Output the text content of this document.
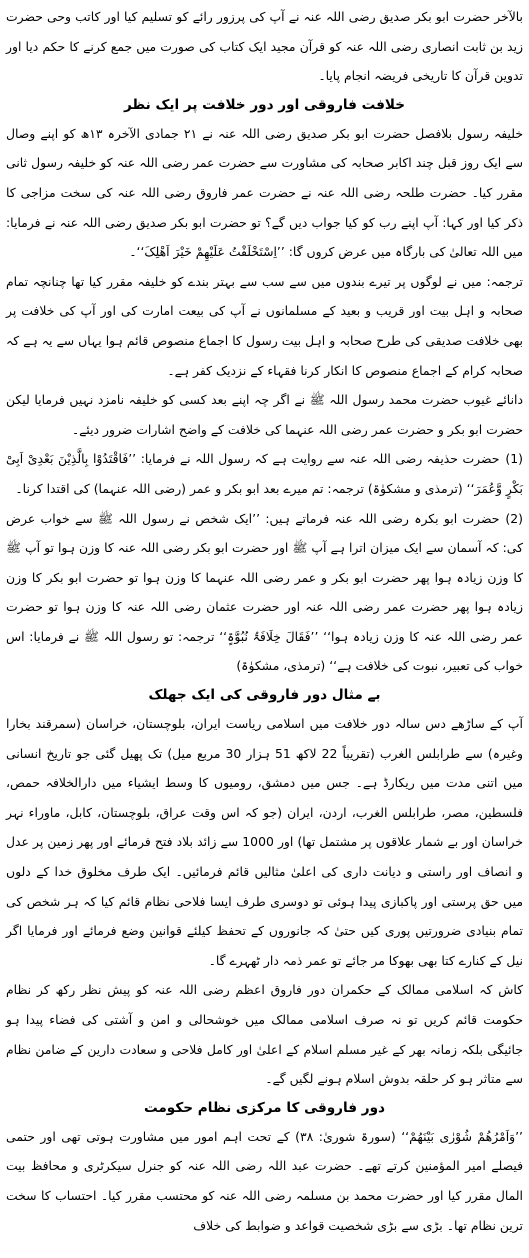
بالآخر حضرت ابو بکر صدیق رضی اللہ عنہ نے آپ کی پرزور رائے کو تسلیم کیا اور کاتب وحی حضرت زید بن ثابت انصاری رضی اللہ عنہ کو قرآن مجید ایک کتاب کی صورت میں جمع کرنے کا حکم دیا اور تدوین قرآن کا تاریخی فریضہ انجام پایا۔

خلافت فاروقی اور دور خلافت پر ایک نظر

خلیفہ رسول بلافصل حضرت ابو بکر صدیق رضی اللہ عنہ نے ۲۱ جمادی الآخرہ ۱۳ھ کو اپنے وصال سے ایک روز قبل چند اکابر صحابہ کی مشاورت سے حضرت عمر رضی اللہ عنہ کو خلیفہ رسول ثانی مقرر کیا۔ حضرت طلحہ رضی اللہ عنہ نے حضرت عمر فاروق رضی اللہ عنہ کی سخت مزاجی کا ذکر کیا اور کہا: آپ اپنے رب کو کیا جواب دیں گے؟ تو حضرت ابو بکر صدیق رضی اللہ عنہ نے فرمایا: میں اللہ تعالیٰ کی بارگاہ میں عرض کروں گا: ’’اِسْتَخْلَفْتُ عَلَیْھِمْ خَیْرَ اَھْلِکَ‘‘۔

ترجمہ: میں نے لوگوں پر تیرے بندوں میں سے سب سے بہتر بندے کو خلیفہ مقرر کیا تھا چنانچہ تمام صحابہ و اہل بیت اور قریب و بعید کے مسلمانوں نے آپ کی بیعت امارت کی اور آپ کی خلافت پر بھی خلافت صدیقی کی طرح صحابہ و اہل بیت رسول کا اجماع منصوص قائم ہوا یہاں سے یہ ہے کہ صحابہ کرام کے اجماع منصوص کا انکار کرنا فقہاء کے نزدیک کفر ہے۔

دانائے غیوب حضرت محمد رسول اللہ ﷺ نے اگر چہ اپنے بعد کسی کو خلیفہ نامزد نہیں فرمایا لیکن حضرت ابو بکر و حضرت عمر رضی اللہ عنہما کی خلافت کے واضح اشارات ضرور دیئے۔

(1)حضرت حذیفہ رضی اللہ عنہ سے روایت ہے کہ رسول اللہ نے فرمایا: ’’فَاقْتَدُوْا بِالَّذِیْنَ بَعْدِیْ اَبِیْ بَکْرٍ وَّعُمَرَ‘‘ (ترمذی و مشکوٰۃ) ترجمہ: تم میرے بعد ابو بکر و عمر (رضی اللہ عنہما) کی اقتدا کرنا۔

(2)حضرت ابو بکرہ رضی اللہ عنہ فرماتے ہیں: ’’ایک شخص نے رسول اللہ ﷺ سے خواب عرض کی: کہ آسمان سے ایک میزان اترا ہے آپ ﷺ اور حضرت ابو بکر رضی اللہ عنہ کا وزن ہوا تو آپ ﷺ کا وزن زیادہ ہوا پھر حضرت ابو بکر و عمر رضی اللہ عنہما کا وزن ہوا تو حضرت ابو بکر کا وزن زیادہ ہوا پھر حضرت عمر رضی اللہ عنہ اور حضرت عثمان رضی اللہ عنہ کا وزن ہوا تو حضرت عمر رضی اللہ عنہ کا وزن زیادہ ہوا‘‘ ’’فَقَالَ خِلَافَۃُ نُبُوَّۃٍ‘‘ ترجمہ: تو رسول اللہ ﷺ نے فرمایا: اس خواب کی تعبیر، نبوت کی خلافت ہے‘‘ (ترمذی، مشکوٰۃ)

بے مثال دور فاروقی کی ایک جھلک

آپ کے ساڑھے دس سالہ دور خلافت میں اسلامی ریاست ایران، بلوچستان، خراسان (سمرقند بخارا وغیرہ) سے طرابلس الغرب (تقریباً 22 لاکھ 51 ہزار 30 مربع میل) تک پھیل گئی جو تاریخ انسانی میں اتنی مدت میں ریکارڈ ہے۔ جس میں دمشق، رومیوں کا وسط ایشیاء میں دارالخلافہ حمص، فلسطین، مصر، طرابلس الغرب، اردن، ایران (جو کہ اس وقت عراق، بلوچستان، کابل، ماوراء نہر خراسان اور بے شمار علاقوں پر مشتمل تھا) اور 1000 سے زائد بلاد فتح فرمائے اور پھر زمین پر عدل و انصاف اور راستی و دیانت داری کی اعلیٰ مثالیں قائم فرمائیں۔ ایک طرف مخلوق خدا کے دلوں میں حق پرستی اور پاکبازی پیدا ہوئی تو دوسری طرف ایسا فلاحی نظام قائم کیا کہ ہر شخص کی تمام بنیادی ضرورتیں پوری کیں حتیٰ کہ جانوروں کے تحفظ کیلئے قوانین وضع فرمائے اور فرمایا اگر نیل کے کنارے کتا بھی بھوکا مر جائے تو عمر ذمہ دار ٹھہرے گا۔

کاش کہ اسلامی ممالک کے حکمران دور فاروق اعظم رضی اللہ عنہ کو پیش نظر رکھ کر نظام حکومت قائم کریں تو نہ صرف اسلامی ممالک میں خوشحالی و امن و آشتی کی فضاء پیدا ہو جائیگی بلکہ زمانہ بھر کے غیر مسلم اسلام کے اعلیٰ اور کامل فلاحی و سعادت دارین کے ضامن نظام سے متاثر ہو کر حلقہ بدوش اسلام ہونے لگیں گے۔

دور فاروقی کا مرکزی نظام حکومت

’’وَاَمْرُھُمْ شُوْرٰی بَیْنَھُمْ‘‘ (سورۃ شوریٰ: ۳۸) کے تحت اہم امور میں مشاورت ہوتی تھی اور حتمی فیصلے امیر المؤمنین کرتے تھے۔ حضرت عبد اللہ رضی اللہ عنہ کو جنرل سیکرٹری و محافظ بیت المال مقرر کیا اور حضرت محمد بن مسلمہ رضی اللہ عنہ کو محتسب مقرر کیا۔ احتساب کا سخت ترین نظام تھا۔ بڑی سے بڑی شخصیت قواعد و ضوابط کی خلاف
